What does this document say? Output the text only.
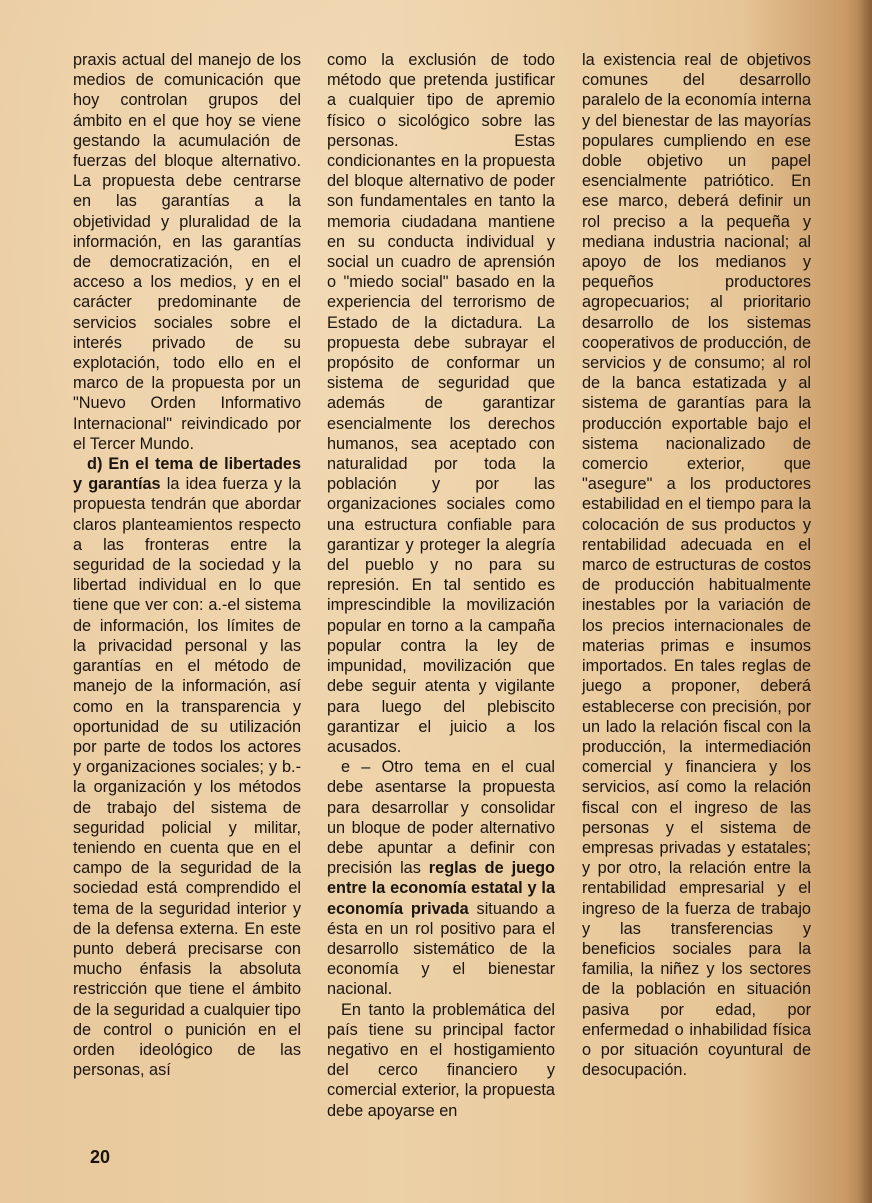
praxis actual del manejo de los medios de comunicación que hoy controlan grupos del ámbito en el que hoy se viene gestando la acumulación de fuerzas del bloque alternativo. La propuesta debe centrarse en las garantías a la objetividad y pluralidad de la información, en las garantías de democratización, en el acceso a los medios, y en el carácter predominante de servicios sociales sobre el interés privado de su explotación, todo ello en el marco de la propuesta por un "Nuevo Orden Informativo Internacional" reivindicado por el Tercer Mundo.

d) En el tema de libertades y garantías la idea fuerza y la propuesta tendrán que abordar claros planteamientos respecto a las fronteras entre la seguridad de la sociedad y la libertad individual en lo que tiene que ver con: a.-el sistema de información, los límites de la privacidad personal y las garantías en el método de manejo de la información, así como en la transparencia y oportunidad de su utilización por parte de todos los actores y organizaciones sociales; y b.-la organización y los métodos de trabajo del sistema de seguridad policial y militar, teniendo en cuenta que en el campo de la seguridad de la sociedad está comprendido el tema de la seguridad interior y de la defensa externa. En este punto deberá precisarse con mucho énfasis la absoluta restricción que tiene el ámbito de la seguridad a cualquier tipo de control o punición en el orden ideológico de las personas, así

como la exclusión de todo método que pretenda justificar a cualquier tipo de apremio físico o sicológico sobre las personas. Estas condicionantes en la propuesta del bloque alternativo de poder son fundamentales en tanto la memoria ciudadana mantiene en su conducta individual y social un cuadro de aprensión o "miedo social" basado en la experiencia del terrorismo de Estado de la dictadura. La propuesta debe subrayar el propósito de conformar un sistema de seguridad que además de garantizar esencialmente los derechos humanos, sea aceptado con naturalidad por toda la población y por las organizaciones sociales como una estructura confiable para garantizar y proteger la alegría del pueblo y no para su represión. En tal sentido es imprescindible la movilización popular en torno a la campaña popular contra la ley de impunidad, movilización que debe seguir atenta y vigilante para luego del plebiscito garantizar el juicio a los acusados.

e – Otro tema en el cual debe asentarse la propuesta para desarrollar y consolidar un bloque de poder alternativo debe apuntar a definir con precisión las reglas de juego entre la economía estatal y la economía privada situando a ésta en un rol positivo para el desarrollo sistemático de la economía y el bienestar nacional.

En tanto la problemática del país tiene su principal factor negativo en el hostigamiento del cerco financiero y comercial exterior, la propuesta debe apoyarse en

la existencia real de objetivos comunes del desarrollo paralelo de la economía interna y del bienestar de las mayorías populares cumpliendo en ese doble objetivo un papel esencialmente patriótico. En ese marco, deberá definir un rol preciso a la pequeña y mediana industria nacional; al apoyo de los medianos y pequeños productores agropecuarios; al prioritario desarrollo de los sistemas cooperativos de producción, de servicios y de consumo; al rol de la banca estatizada y al sistema de garantías para la producción exportable bajo el sistema nacionalizado de comercio exterior, que "asegure" a los productores estabilidad en el tiempo para la colocación de sus productos y rentabilidad adecuada en el marco de estructuras de costos de producción habitualmente inestables por la variación de los precios internacionales de materias primas e insumos importados. En tales reglas de juego a proponer, deberá establecerse con precisión, por un lado la relación fiscal con la producción, la intermediación comercial y financiera y los servicios, así como la relación fiscal con el ingreso de las personas y el sistema de empresas privadas y estatales; y por otro, la relación entre la rentabilidad empresarial y el ingreso de la fuerza de trabajo y las transferencias y beneficios sociales para la familia, la niñez y los sectores de la población en situación pasiva por edad, por enfermedad o inhabilidad física o por situación coyuntural de desocupación.

20
